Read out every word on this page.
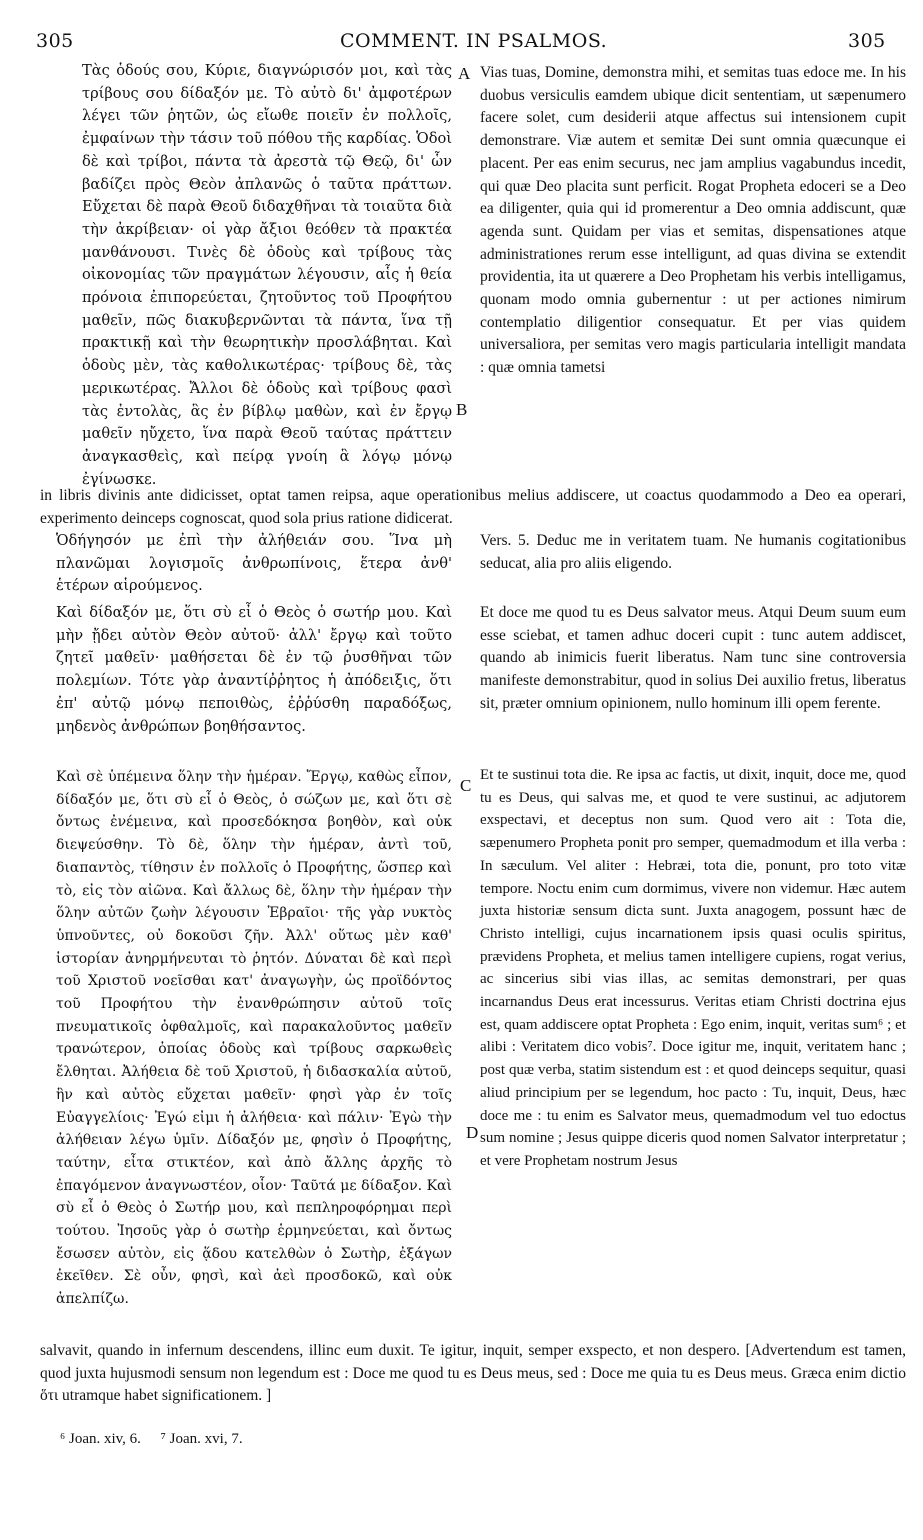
305	COMMENT. IN PSALMOS.	305
A
B
C
D

Τὰς ὁδούς σου, Κύριε, διαγνώρισόν μοι, καὶ τὰς τρίβους σου δίδαξόν με. Τὸ αὐτὸ δι' ἀμφοτέρων λέγει τῶν ῥητῶν, ὡς εἴωθε ποιεῖν ἐν πολλοῖς, ἐμφαίνων τὴν τάσιν τοῦ πόθου τῆς καρδίας. Ὁδοὶ δὲ καὶ τρίβοι, πάντα τὰ ἀρεστὰ τῷ Θεῷ, δι' ὧν βαδίζει πρὸς Θεὸν ἀπλανῶς ὁ ταῦτα πράττων. Εὔχεται δὲ παρὰ Θεοῦ διδαχθῆναι τὰ τοιαῦτα διὰ τὴν ἀκρίβειαν· οἱ γὰρ ἄξιοι θεόθεν τὰ πρακτέα μανθάνουσι. Τινὲς δὲ ὁδοὺς καὶ τρίβους τὰς οἰκονομίας τῶν πραγμάτων λέγουσιν, αἷς ἡ θεία πρόνοια ἐπιπορεύεται, ζητοῦντος τοῦ Προφήτου μαθεῖν, πῶς διακυβερνῶνται τὰ πάντα, ἵνα τῇ πρακτικῇ καὶ τὴν θεωρητικὴν προσλάβηται. Καὶ ὁδοὺς μὲν, τὰς καθολικωτέρας· τρίβους δὲ, τὰς μερικωτέρας. Ἄλλοι δὲ ὁδοὺς καὶ τρίβους φασὶ τὰς ἐντολὰς, ἃς ἐν βίβλῳ μαθὼν, καὶ ἐν ἔργῳ μαθεῖν ηὔχετο, ἵνα παρὰ Θεοῦ ταύτας πράττειν ἀναγκασθεὶς, καὶ πείρᾳ γνοίη ἃ λόγῳ μόνῳ ἐγίνωσκε.

Ὁδήγησόν με ἐπὶ τὴν ἀλήθειάν σου. Ἵνα μὴ πλανῶμαι λογισμοῖς ἀνθρωπίνοις, ἕτερα ἀνθ' ἑτέρων αἱρούμενος.

Καὶ δίδαξόν με, ὅτι σὺ εἶ ὁ Θεὸς ὁ σωτήρ μου. Καὶ μὴν ᾔδει αὐτὸν Θεὸν αὐτοῦ· ἀλλ' ἔργῳ καὶ τοῦτο ζητεῖ μαθεῖν· μαθήσεται δὲ ἐν τῷ ῥυσθῆναι τῶν πολεμίων. Τότε γὰρ ἀναντίῤῥητος ἡ ἀπόδειξις, ὅτι ἐπ' αὐτῷ μόνῳ πεποιθὼς, ἐῤῥύσθη παραδόξως, μηδενὸς ἀνθρώπων βοηθήσαντος.

Καὶ σὲ ὑπέμεινα ὅλην τὴν ἡμέραν. Ἔργῳ, καθὼς εἶπον, δίδαξόν με, ὅτι σὺ εἶ ὁ Θεὸς, ὁ σώζων με, καὶ ὅτι σὲ ὄντως ἐνέμεινα, καὶ προσεδόκησα βοηθὸν, καὶ οὐκ διεψεύσθην. Τὸ δὲ, ὅλην τὴν ἡμέραν, ἀντὶ τοῦ, διαπαντὸς, τίθησιν ἐν πολλοῖς ὁ Προφήτης, ὥσπερ καὶ τὸ, εἰς τὸν αἰῶνα. Καὶ ἄλλως δὲ, ὅλην τὴν ἡμέραν τὴν ὅλην αὐτῶν ζωὴν λέγουσιν Ἑβραῖοι· τῆς γὰρ νυκτὸς ὑπνοῦντες, οὐ δοκοῦσι ζῆν. Ἀλλ' οὕτως μὲν καθ' ἱστορίαν ἀνηρμήνευται τὸ ῥητόν. Δύναται δὲ καὶ περὶ τοῦ Χριστοῦ νοεῖσθαι κατ' ἀναγωγὴν, ὡς προϊδόντος τοῦ Προφήτου τὴν ἐνανθρώπησιν αὐτοῦ τοῖς πνευματικοῖς ὀφθαλμοῖς, καὶ παρακαλοῦντος μαθεῖν τρανώτερον, ὁποίας ὁδοὺς καὶ τρίβους σαρκωθεὶς ἔλθηται. Ἀλήθεια δὲ τοῦ Χριστοῦ, ἡ διδασκαλία αὐτοῦ, ἣν καὶ αὐτὸς εὔχεται μαθεῖν· φησὶ γὰρ ἐν τοῖς Εὐαγγελίοις· Ἐγώ εἰμι ἡ ἀλήθεια· καὶ πάλιν· Ἐγὼ τὴν ἀλήθειαν λέγω ὑμῖν. Δίδαξόν με, φησὶν ὁ Προφήτης, ταύτην, εἶτα στικτέον, καὶ ἀπὸ ἄλλης ἀρχῆς τὸ ἐπαγόμενον ἀναγνωστέον, οἷον· Ταῦτά με δίδαξον. Καὶ σὺ εἶ ὁ Θεὸς ὁ Σωτήρ μου, καὶ πεπληροφόρημαι περὶ τούτου. Ἰησοῦς γὰρ ὁ σωτὴρ ἑρμηνεύεται, καὶ ὄντως ἔσωσεν αὐτὸν, εἰς ᾅδου κατελθὼν ὁ Σωτὴρ, ἐξάγων ἐκεῖθεν. Σὲ οὖν, φησὶ, καὶ ἀεὶ προσδοκῶ, καὶ οὐκ ἀπελπίζω.

Vias tuas, Domine, demonstra mihi, et semitas tuas edoce me. In his duobus versiculis eamdem ubique dicit sententiam, ut sæpenumero facere solet, cum desiderii atque affectus sui intensionem cupit demonstrare. Viæ autem et semitæ Dei sunt omnia quæcunque ei placent. Per eas enim securus, nec jam amplius vagabundus incedit, qui quæ Deo placita sunt perficit. Rogat Propheta edoceri se a Deo ea diligenter, quia qui id promerentur a Deo omnia addiscunt, quæ agenda sunt. Quidam per vias et semitas, dispensationes atque administrationes rerum esse intelligunt, ad quas divina se extendit providentia, ita ut quærere a Deo Prophetam his verbis intelligamus, quonam modo omnia gubernentur : ut per actiones nimirum contemplatio diligentior consequatur. Et per vias quidem universaliora, per semitas vero magis particularia intelligit mandata : quæ omnia tametsi

Vers. 5. Deduc me in veritatem tuam. Ne humanis cogitationibus seducat, alia pro aliis eligendo.

Et doce me quod tu es Deus salvator meus. Atqui Deum suum eum esse sciebat, et tamen adhuc doceri cupit : tunc autem addiscet, quando ab inimicis fuerit liberatus. Nam tunc sine controversia manifeste demonstrabitur, quod in solius Dei auxilio fretus, liberatus sit, præter omnium opinionem, nullo hominum illi opem ferente.

Et te sustinui tota die. Re ipsa ac factis, ut dixit, inquit, doce me, quod tu es Deus, qui salvas me, et quod te vere sustinui, ac adjutorem exspectavi, et deceptus non sum. Quod vero ait : Tota die, sæpenumero Propheta ponit pro semper, quemadmodum et illa verba : In sæculum. Vel aliter : Hebræi, tota die, ponunt, pro toto vitæ tempore. Noctu enim cum dormimus, vivere non videmur. Hæc autem juxta historiæ sensum dicta sunt. Juxta anagogem, possunt hæc de Christo intelligi, cujus incarnationem ipsis quasi oculis spiritus, prævidens Propheta, et melius tamen intelligere cupiens, rogat verius, ac sincerius sibi vias illas, ac semitas demonstrari, per quas incarnandus Deus erat incessurus. Veritas etiam Christi doctrina ejus est, quam addiscere optat Propheta : Ego enim, inquit, veritas sum⁶ ; et alibi : Veritatem dico vobis⁷. Doce igitur me, inquit, veritatem hanc ; post quæ verba, statim sistendum est : et quod deinceps sequitur, quasi aliud principium per se legendum, hoc pacto : Tu, inquit, Deus, hæc doce me : tu enim es Salvator meus, quemadmodum vel tuo edoctus sum nomine ; Jesus quippe diceris quod nomen Salvator interpretatur ; et vere Prophetam nostrum Jesus

in libris divinis ante didicisset, optat tamen reipsa, aque operationibus melius addiscere, ut coactus quodammodo a Deo ea operari, experimento deinceps cognoscat, quod sola prius ratione didicerat.
salvavit, quando in infernum descendens, illinc eum duxit. Te igitur, inquit, semper exspecto, et non despero. [Advertendum est tamen, quod juxta hujusmodi sensum non legendum est : Doce me quod tu es Deus meus, sed : Doce me quia tu es Deus meus. Græca enim dictio ὅτι utramque habet significationem. ]
⁶ Joan. xiv, 6. ⁷ Joan. xvi, 7.
